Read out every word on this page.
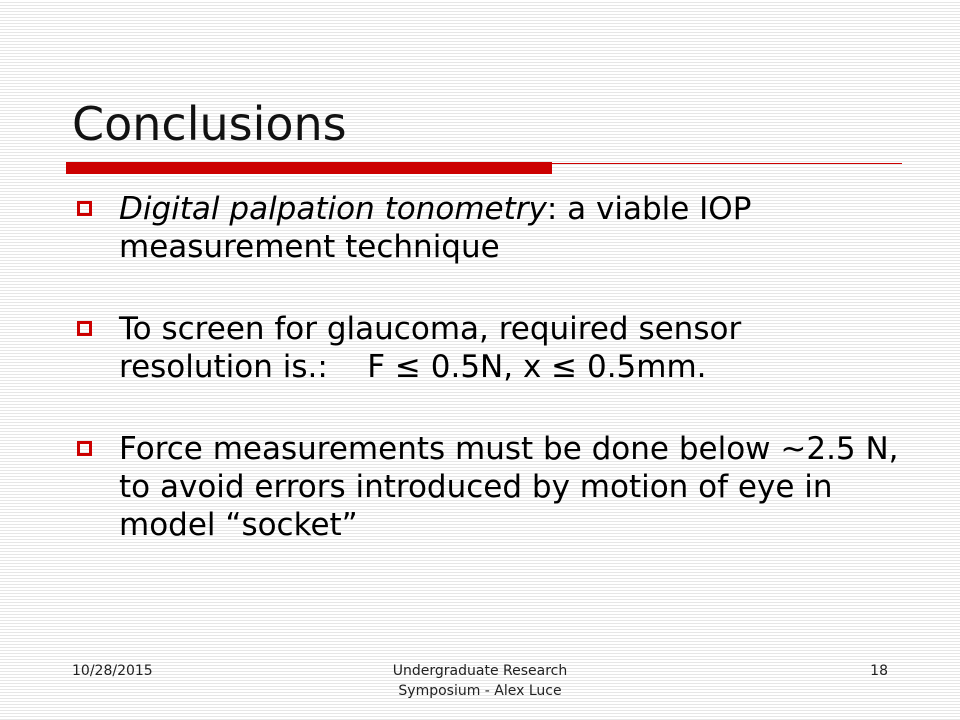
Conclusions
Digital palpation tonometry: a viable IOP measurement technique
To screen for glaucoma, required sensor resolution is.:    F ≤ 0.5N, x ≤ 0.5mm.
Force measurements must be done below ~2.5 N, to avoid errors introduced by motion of eye in model “socket”
10/28/2015	Undergraduate Research
Symposium - Alex Luce
18
